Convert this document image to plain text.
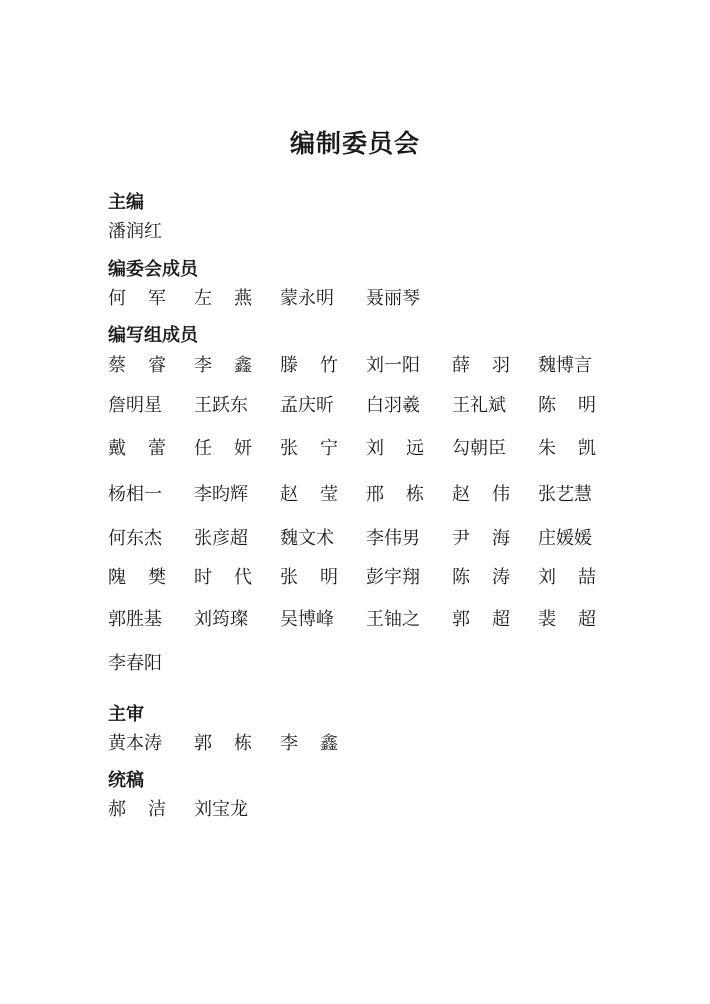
编制委员会
主编
潘 润 红
编委会成员
何 军 左 燕 蒙 永 明 聂 丽 琴
编写组成员
蔡 睿 李 鑫 滕 竹 刘 一 阳 薛 羽 魏 博 言
詹 明 星 王 跃 东 孟 庆 昕 白 羽 羲 王 礼 斌 陈 明
戴 蕾 任 妍 张 宁 刘 远 勾 朝 臣 朱 凯
杨 相 一 李 昀 辉 赵 莹 邢 栋 赵 伟 张 艺 慧
何 东 杰 张 彦 超 魏 文 术 李 伟 男 尹 海 庄 媛 媛
隗 樊 时 代 张 明 彭 宇 翔 陈 涛 刘 喆
郭 胜 基 刘 筠 璨 吴 博 峰 王 铀 之 郭 超 裴 超
李 春 阳
主审
黄 本 涛 郭 栋 李 鑫
统稿
郝 洁 刘 宝 龙
